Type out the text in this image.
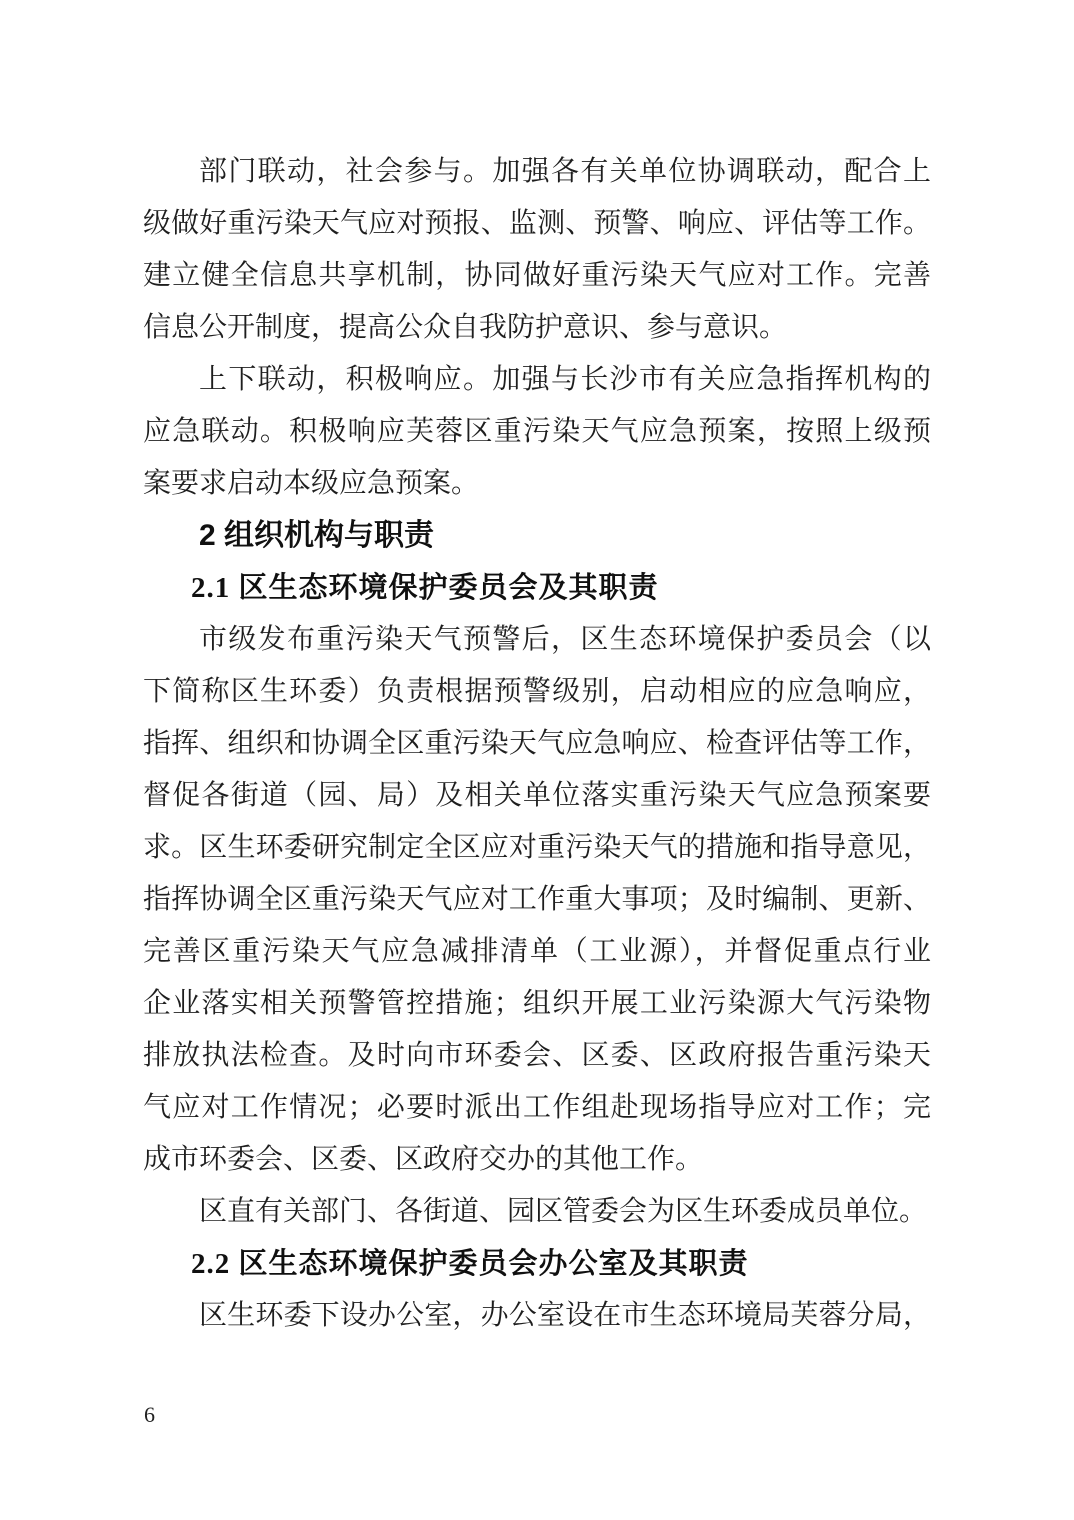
部门联动，社会参与。加强各有关单位协调联动，配合上
级做好重污染天气应对预报、监测、预警、响应、评估等工作。
建立健全信息共享机制，协同做好重污染天气应对工作。完善
信息公开制度，提高公众自我防护意识、参与意识。
上下联动，积极响应。加强与长沙市有关应急指挥机构的
应急联动。积极响应芙蓉区重污染天气应急预案，按照上级预
案要求启动本级应急预案。
2 组织机构与职责
2.1 区生态环境保护委员会及其职责
市级发布重污染天气预警后，区生态环境保护委员会（以
下简称区生环委）负责根据预警级别，启动相应的应急响应，
指挥、组织和协调全区重污染天气应急响应、检查评估等工作，
督促各街道（园、局）及相关单位落实重污染天气应急预案要
求。区生环委研究制定全区应对重污染天气的措施和指导意见，
指挥协调全区重污染天气应对工作重大事项；及时编制、更新、
完善区重污染天气应急减排清单（工业源），并督促重点行业
企业落实相关预警管控措施；组织开展工业污染源大气污染物
排放执法检查。及时向市环委会、区委、区政府报告重污染天
气应对工作情况；必要时派出工作组赴现场指导应对工作；完
成市环委会、区委、区政府交办的其他工作。
区直有关部门、各街道、园区管委会为区生环委成员单位。
2.2 区生态环境保护委员会办公室及其职责
区生环委下设办公室，办公室设在市生态环境局芙蓉分局，
6
